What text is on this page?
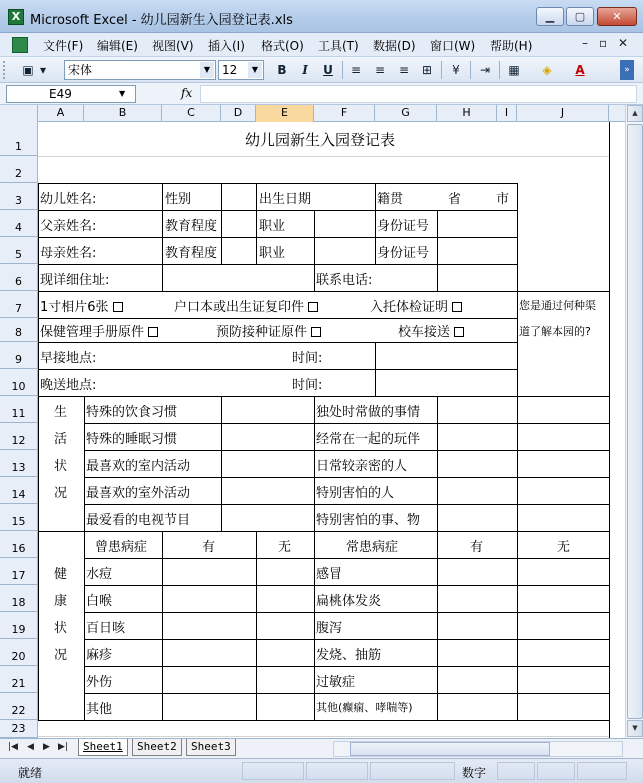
X Microsoft Excel - 幼儿园新生入园登记表.xls	▁	▢	✕
文件(F) 编辑(E) 视图(V) 插入(I) 格式(O) 工具(T) 数据(D) 窗口(W) 帮助(H)	– ▫ ✕
▣ ▾	宋体	▼ 12	▼	B	I	U	≡	≡	≡	⊞	¥	⇥	▦	◈	A	»
E49	▼	fx
A	B	C	D	E	F	G	H	I	J
1
2
3
4
5
6
7
8
9
10
11
12
13
14
15
16
17
18
19
20
21
22
23
幼儿园新生入园登记表
幼儿姓名:	性别	出生日期	籍贯	省	市
父亲姓名:	教育程度	职业	身份证号
母亲姓名:	教育程度	职业	身份证号
现详细住址:	联系电话:
1寸相片6张	户口本或出生证复印件	入托体检证明	您是通过何种渠
道了解本园的?
保健管理手册原件	预防接种证原件	校车接送
早接地点:	时间:
晚送地点:	时间:
生
活
状
况
特殊的饮食习惯
特殊的睡眠习惯
最喜欢的室内活动
最喜欢的室外活动
最爱看的电视节目
独处时常做的事情
经常在一起的玩伴
日常较亲密的人
特别害怕的人
特别害怕的事、物
曾患病症	有	无	常患病症	有	无
健
康
状
况
水痘
白喉
百日咳
麻疹
外伤
其他
感冒
扁桃体发炎
腹泻
发烧、抽筋
过敏症
其他(癫痫、哮喘等)
▲
▼
|◀ ◀ ▶ ▶|	Sheet1	Sheet2	Sheet3
就绪	数字
